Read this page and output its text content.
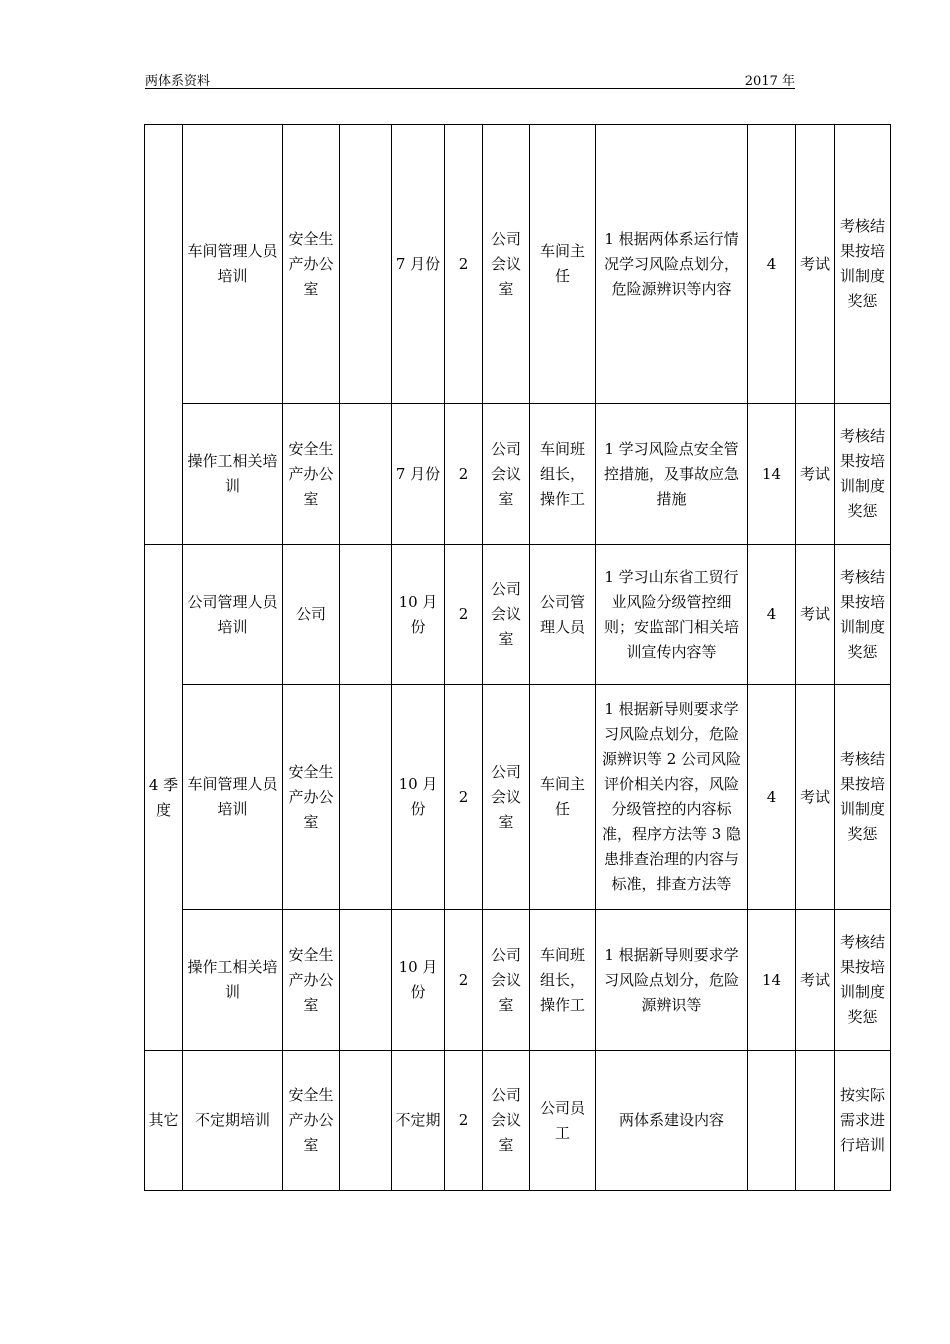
两体系资料	2017 年
	车间管理人员培训	安全生产办公室		7 月份	2	公司会议室	车间主任	1 根据两体系运行情况学习风险点划分，危险源辨识等内容	4	考试	考核结果按培训制度奖惩
	操作工相关培训	安全生产办公室		7 月份	2	公司会议室	车间班组长，操作工	1 学习风险点安全管控措施，及事故应急措施	14	考试	考核结果按培训制度奖惩
4 季度	公司管理人员培训	公司		10 月份	2	公司会议室	公司管理人员	1 学习山东省工贸行业风险分级管控细则；安监部门相关培训宣传内容等	4	考试	考核结果按培训制度奖惩
	车间管理人员培训	安全生产办公室		10 月份	2	公司会议室	车间主任	1 根据新导则要求学习风险点划分，危险源辨识等 2 公司风险评价相关内容，风险分级管控的内容标准，程序方法等 3 隐患排查治理的内容与标准，排查方法等	4	考试	考核结果按培训制度奖惩
	操作工相关培训	安全生产办公室		10 月份	2	公司会议室	车间班组长，操作工	1 根据新导则要求学习风险点划分，危险源辨识等	14	考试	考核结果按培训制度奖惩
其它	不定期培训	安全生产办公室		不定期	2	公司会议室	公司员工	两体系建设内容			按实际需求进行培训
